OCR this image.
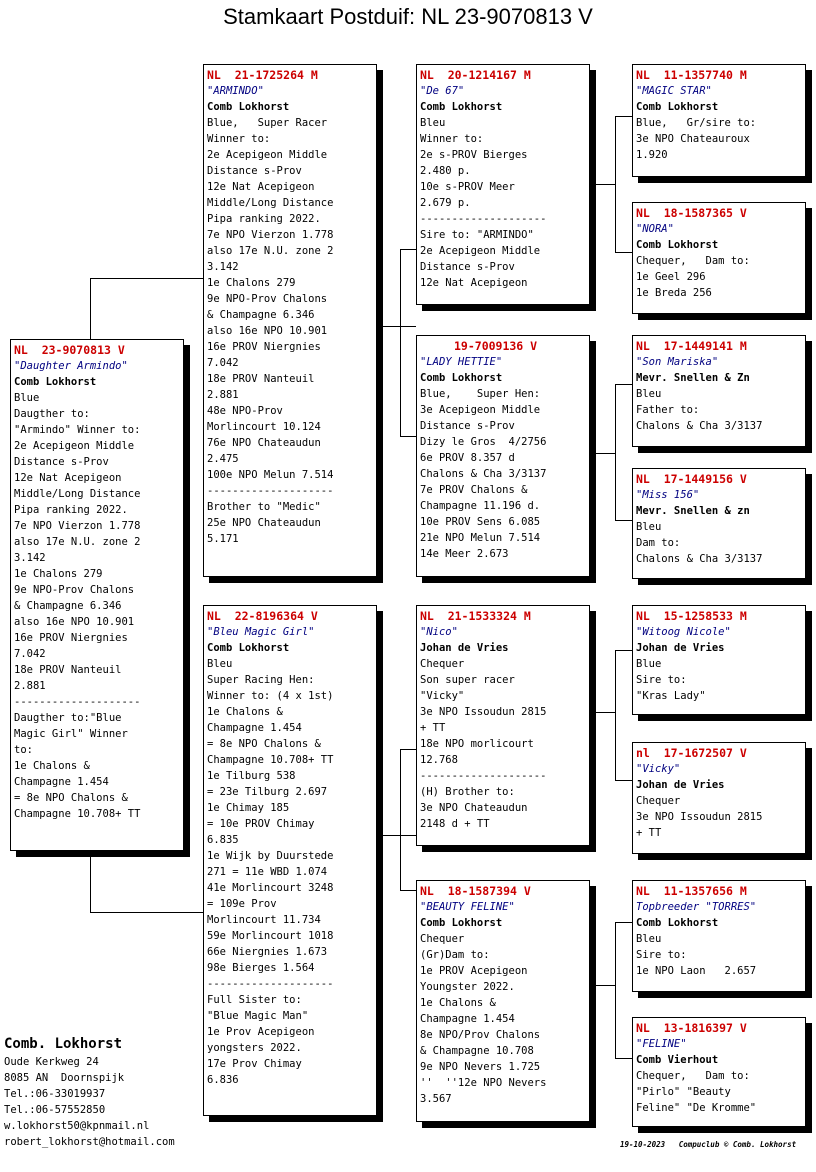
Stamkaart Postduif: NL 23-9070813 V
NL  23-9070813 V
"Daughter Armindo"
Comb Lokhorst
Blue
Daugther to:
"Armindo" Winner to:
2e Acepigeon Middle
Distance s-Prov
12e Nat Acepigeon
Middle/Long Distance
Pipa ranking 2022.
7e NPO Vierzon 1.778
also 17e N.U. zone 2
3.142
1e Chalons 279
9e NPO-Prov Chalons
& Champagne 6.346
also 16e NPO 10.901
16e PROV Niergnies
7.042
18e PROV Nanteuil
2.881
--------------------
Daugther to:"Blue
Magic Girl" Winner
to:
1e Chalons &
Champagne 1.454
= 8e NPO Chalons &
Champagne 10.708+ TT
NL  21-1725264 M
"ARMINDO"
Comb Lokhorst
Blue,   Super Racer
Winner to:
2e Acepigeon Middle
Distance s-Prov
12e Nat Acepigeon
Middle/Long Distance
Pipa ranking 2022.
7e NPO Vierzon 1.778
also 17e N.U. zone 2
3.142
1e Chalons 279
9e NPO-Prov Chalons
& Champagne 6.346
also 16e NPO 10.901
16e PROV Niergnies
7.042
18e PROV Nanteuil
2.881
48e NPO-Prov
Morlincourt 10.124
76e NPO Chateaudun
2.475
100e NPO Melun 7.514
--------------------
Brother to "Medic"
25e NPO Chateaudun
5.171
NL  22-8196364 V
"Bleu Magic Girl"
Comb Lokhorst
Bleu
Super Racing Hen:
Winner to: (4 x 1st)
1e Chalons &
Champagne 1.454
= 8e NPO Chalons &
Champagne 10.708+ TT
1e Tilburg 538
= 23e Tilburg 2.697
1e Chimay 185
= 10e PROV Chimay
6.835
1e Wijk by Duurstede
271 = 11e WBD 1.074
41e Morlincourt 3248
= 109e Prov
Morlincourt 11.734
59e Morlincourt 1018
66e Niergnies 1.673
98e Bierges 1.564
--------------------
Full Sister to:
"Blue Magic Man"
1e Prov Acepigeon
yongsters 2022.
17e Prov Chimay
6.836
NL  20-1214167 M
"De 67"
Comb Lokhorst
Bleu
Winner to:
2e s-PROV Bierges
2.480 p.
10e s-PROV Meer
2.679 p.
--------------------
Sire to: "ARMINDO"
2e Acepigeon Middle
Distance s-Prov
12e Nat Acepigeon
19-7009136 V
"LADY HETTIE"
Comb Lokhorst
Blue,    Super Hen:
3e Acepigeon Middle
Distance s-Prov
Dizy le Gros  4/2756
6e PROV 8.357 d
Chalons & Cha 3/3137
7e PROV Chalons &
Champagne 11.196 d.
10e PROV Sens 6.085
21e NPO Melun 7.514
14e Meer 2.673
NL  21-1533324 M
"Nico"
Johan de Vries
Chequer
Son super racer
"Vicky"
3e NPO Issoudun 2815
+ TT
18e NPO morlicourt
12.768
--------------------
(H) Brother to:
3e NPO Chateaudun
2148 d + TT
NL  18-1587394 V
"BEAUTY FELINE"
Comb Lokhorst
Chequer
(Gr)Dam to:
1e PROV Acepigeon
Youngster 2022.
1e Chalons &
Champagne 1.454
8e NPO/Prov Chalons
& Champagne 10.708
9e NPO Nevers 1.725
''  ''12e NPO Nevers
3.567
NL  11-1357740 M
"MAGIC STAR"
Comb Lokhorst
Blue,   Gr/sire to:
3e NPO Chateauroux
1.920
NL  18-1587365 V
"NORA"
Comb Lokhorst
Chequer,   Dam to:
1e Geel 296
1e Breda 256
NL  17-1449141 M
"Son Mariska"
Mevr. Snellen & Zn
Bleu
Father to:
Chalons & Cha 3/3137
NL  17-1449156 V
"Miss 156"
Mevr. Snellen & zn
Bleu
Dam to:
Chalons & Cha 3/3137
NL  15-1258533 M
"Witoog Nicole"
Johan de Vries
Blue
Sire to:
"Kras Lady"
nl  17-1672507 V
"Vicky"
Johan de Vries
Chequer
3e NPO Issoudun 2815
+ TT
NL  11-1357656 M
Topbreeder "TORRES"
Comb Lokhorst
Bleu
Sire to:
1e NPO Laon   2.657
NL  13-1816397 V
"FELINE"
Comb Vierhout
Chequer,   Dam to:
"Pirlo" "Beauty
Feline" "De Kromme"
Comb. Lokhorst
Oude Kerkweg 24
8085 AN  Doornspijk
Tel.:06-33019937
Tel.:06-57552850
w.lokhorst50@kpnmail.nl
robert_lokhorst@hotmail.com	19-10-2023   Compuclub © Comb. Lokhorst
